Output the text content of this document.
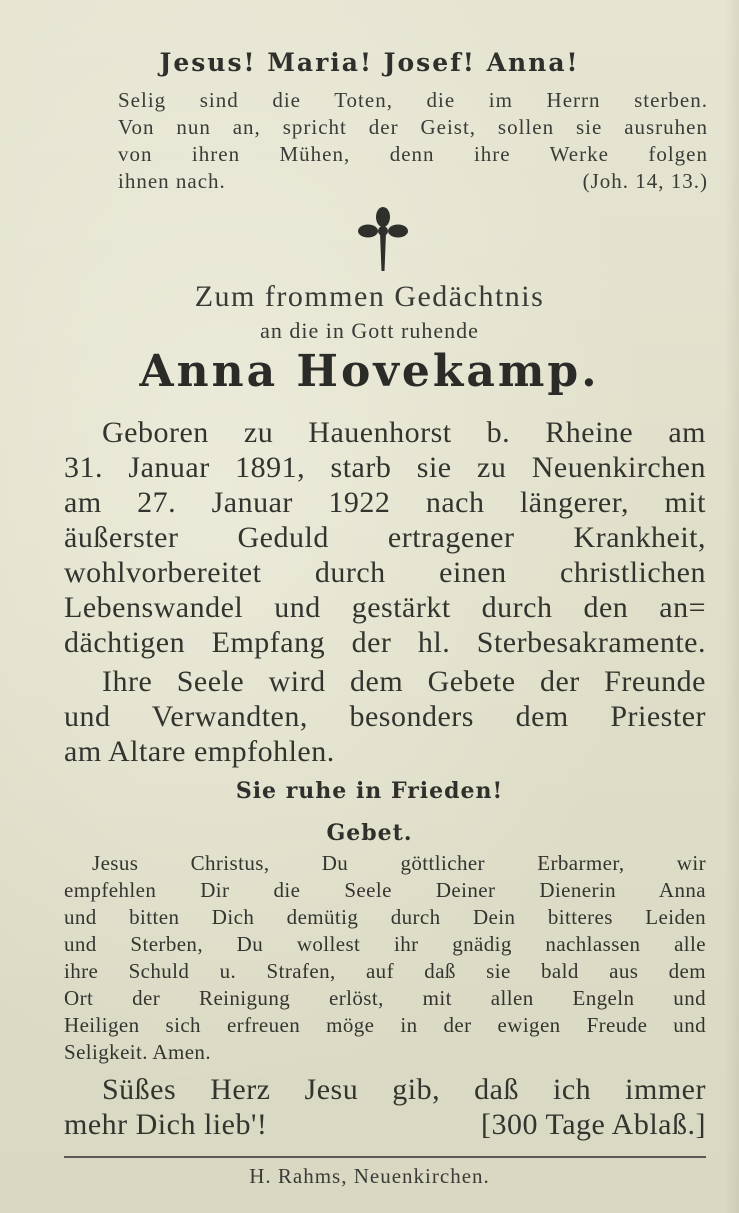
Jesus! Maria! Josef! Anna!
Selig sind die Toten, die im Herrn sterben.
Von nun an, spricht der Geist, sollen sie ausruhen
von ihren Mühen, denn ihre Werke folgen
ihnen nach.	(Joh. 14, 13.)
Zum frommen Gedächtnis
an die in Gott ruhende
Anna Hovekamp.
Geboren zu Hauenhorst b. Rheine am
31. Januar 1891, starb sie zu Neuenkirchen
am 27. Januar 1922 nach längerer, mit
äußerster Geduld ertragener Krankheit,
wohlvorbereitet durch einen christlichen
Lebenswandel und gestärkt durch den an=
dächtigen Empfang der hl. Sterbesakramente.
Ihre Seele wird dem Gebete der Freunde
und Verwandten, besonders dem Priester
am Altare empfohlen.
Sie ruhe in Frieden!
Gebet.
Jesus Christus, Du göttlicher Erbarmer, wir
empfehlen Dir die Seele Deiner Dienerin Anna
und bitten Dich demütig durch Dein bitteres Leiden
und Sterben, Du wollest ihr gnädig nachlassen alle
ihre Schuld u. Strafen, auf daß sie bald aus dem
Ort der Reinigung erlöst, mit allen Engeln und
Heiligen sich erfreuen möge in der ewigen Freude und
Seligkeit. Amen.
Süßes Herz Jesu gib, daß ich immer
mehr Dich lieb'!	[300 Tage Ablaß.]
H. Rahms, Neuenkirchen.
